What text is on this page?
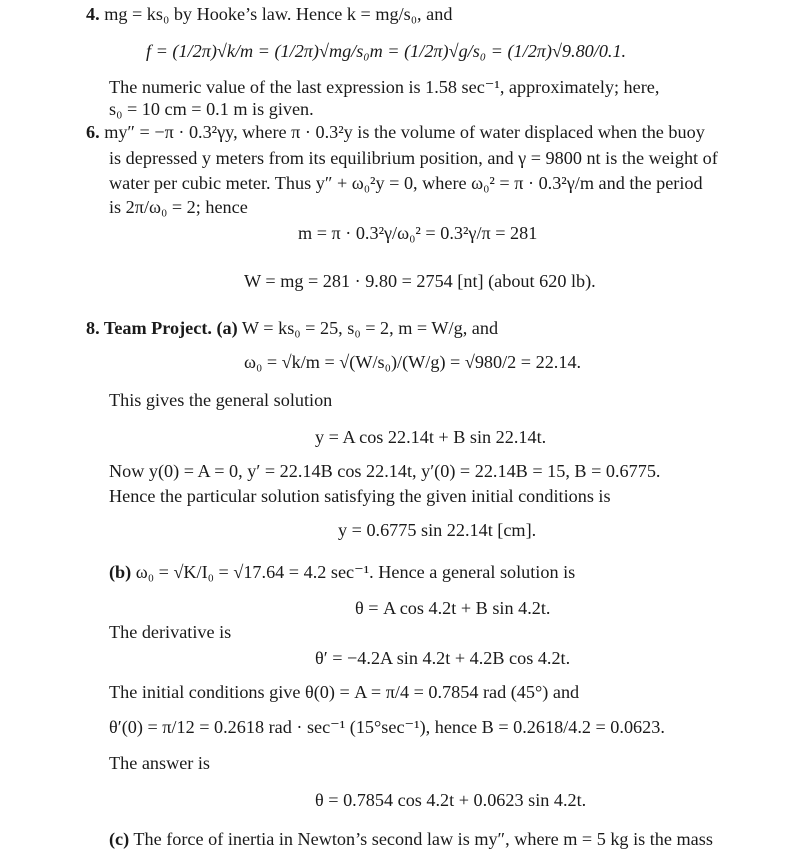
4. mg = ks₀ by Hooke’s law. Hence k = mg/s₀, and
f = (1/2π)√k/m = (1/2π)√mg/s₀m = (1/2π)√g/s₀ = (1/2π)√9.80/0.1.
The numeric value of the last expression is 1.58 sec⁻¹, approximately; here,
s₀ = 10 cm = 0.1 m is given.
6. my″ = −π · 0.3²γy, where π · 0.3²y is the volume of water displaced when the buoy
is depressed y meters from its equilibrium position, and γ = 9800 nt is the weight of
water per cubic meter. Thus y″ + ω₀²y = 0, where ω₀² = π · 0.3²γ/m and the period
is 2π/ω₀ = 2; hence
m = π · 0.3²γ/ω₀² = 0.3²γ/π = 281
W = mg = 281 · 9.80 = 2754 [nt] (about 620 lb).
8. Team Project. (a) W = ks₀ = 25, s₀ = 2, m = W/g, and
ω₀ = √k/m = √(W/s₀)/(W/g) = √980/2 = 22.14.
This gives the general solution
y = A cos 22.14t + B sin 22.14t.
Now y(0) = A = 0, y′ = 22.14B cos 22.14t, y′(0) = 22.14B = 15, B = 0.6775.
Hence the particular solution satisfying the given initial conditions is
y = 0.6775 sin 22.14t [cm].
(b) ω₀ = √K/I₀ = √17.64 = 4.2 sec⁻¹. Hence a general solution is
θ = A cos 4.2t + B sin 4.2t.
The derivative is
θ′ = −4.2A sin 4.2t + 4.2B cos 4.2t.
The initial conditions give θ(0) = A = π/4 = 0.7854 rad (45°) and
θ′(0) = π/12 = 0.2618 rad · sec⁻¹ (15°sec⁻¹), hence B = 0.2618/4.2 = 0.0623.
The answer is
θ = 0.7854 cos 4.2t + 0.0623 sin 4.2t.
(c) The force of inertia in Newton’s second law is my″, where m = 5 kg is the mass
